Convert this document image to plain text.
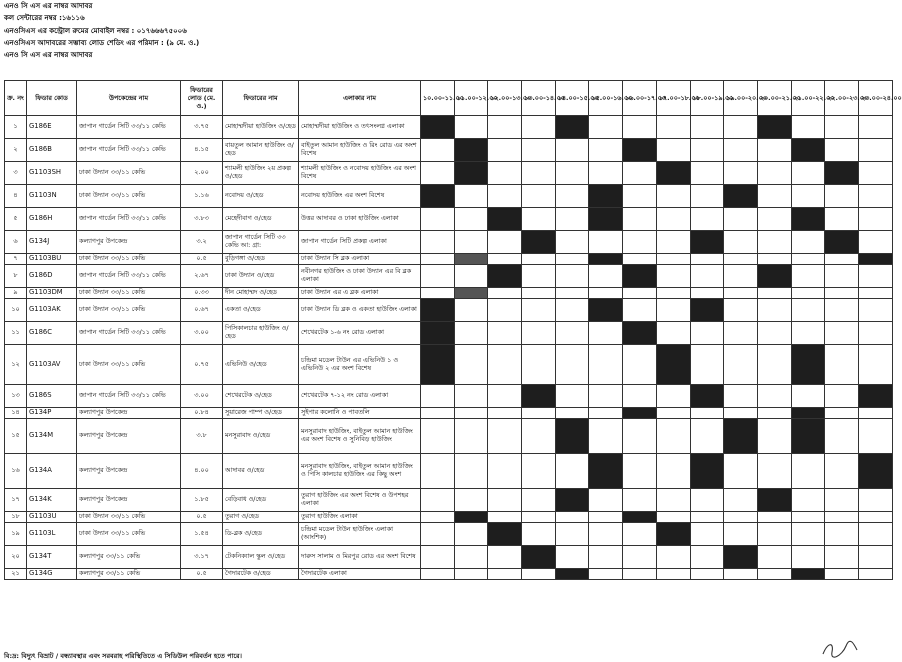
এনও সি এস এর নাম্বর আদাবর
কল সেন্টারের নম্বর :১৬১১৬
এনওসিএস এর কন্ট্রোল রুমের মোবাইল নম্বর : ০১৭৬৬৬৭৫০০৬
এনওসিএস আদাবরের সম্ভাব্য লোড শেডিং এর পরিমান : (৯ মে. ও.)
এনও সি এস এর নাম্বর আদাবর
ক্র. নং	ফিডার কোড	উপকেন্দ্রের নাম	ফিডারের লোড (মে. ও.)	ফিডারের নাম	এলাকার নাম	১০.০০-১১.০০	১১.০০-১২.০০	১২.০০-১৩.০০	১৩.০০-১৪.০০	১৪.০০-১৫.০০	১৫.০০-১৬.০০	১৬.০০-১৭.০০	১৭.০০-১৮.০০	১৮.০০-১৯.০০	১৯.০০-২০.০০	২০.০০-২১.০০	২১.০০-২২.০০	২২.০০-২৩.০০	২৩.০০-২৪.০০
১	G186E	জাপান গার্ডেন সিটি ৩৩/১১ কেভি	৩.৭৫	মোহাম্মদীয়া হাউজিং ও/হেড	মোহাম্মদীয়া হাউজিং ও তৎসংলগ্ন এলাকা														
২	G186B	জাপান গার্ডেন সিটি ৩৩/১১ কেভি	৪.১৫	বায়তুল আমান হাউজিং ও/হেড	বাইতুল আমান হাউজিং ও রিং রোড এর অংশ বিশেষ														
৩	G1103SH	ঢাকা উদ্যান ৩৩/১১ কেভি	২.০০	শ্যামলী হাউজিং ২য় প্রকল্প ও/হেড	শ্যামলী হাউজিং ও নবোদয় হাউজিং এর অংশ বিশেষ														
৪	G1103N	ঢাকা উদ্যান ৩৩/১১ কেভি	১.১৬	নবোদয় ও/হেড	নবোদয় হাউজিং এর অংশ বিশেষ														
৫	G186H	জাপান গার্ডেন সিটি ৩৩/১১ কেভি	৩.৮৩	মেহেদীবাগ ও/হেড	উত্তর আদাবর ও ঢাকা হাউজিং এলাকা														
৬	G134J	কল্যাণপুর উপকেন্দ্র	৩.২	জাপান গার্ডেন সিটি ৩৩ কেভি আ: গ্রা:	জাপান গার্ডেন সিটি প্রকল্প এলাকা														
৭	G1103BU	ঢাকা উদ্যান ৩৩/১১ কেভি	০.৫	বুড়িগঙ্গা ও/হেড	ঢাকা উদ্যান সি ব্লক এলাকা														
৮	G186D	জাপান গার্ডেন সিটি ৩৩/১১ কেভি	২.৬৭	ঢাকা উদ্যান ও/হেড	নবীনগর হাউজিং ও ঢাকা উদ্যান এর বি ব্লক এলাকা														
৯	G1103DM	ঢাকা উদ্যান ৩৩/১১ কেভি	০.৩৩	দীন মোহাম্মদ ও/হেড	ঢাকা উদ্যান এর এ ব্লক এলাকা														
১০	G1103AK	ঢাকা উদ্যান ৩৩/১১ কেভি	০.৬৭	একতা ও/হেড	ঢাকা উদ্যান ডি ব্লক ও একতা হাউজিং এলাকা														
১১	G186C	জাপান গার্ডেন সিটি ৩৩/১১ কেভি	৩.০০	পিসিকালচার হাউজিং ও/হেড	শেখেরটেক ১-৬ নং রোড এলাকা														
১২	G1103AV	ঢাকা উদ্যান ৩৩/১১ কেভি	০.৭৫	এভিনিউ ও/হেড	চন্দ্রিমা মডেল টাউন এর এভিনিউ ১ ও এভিনিউ ২ এর অংশ বিশেষ														
১৩	G186S	জাপান গার্ডেন সিটি ৩৩/১১ কেভি	৩.০০	শেখেরটেক ও/হেড	শেখেরটেক ৭-১২ নং রোড এলাকা														
১৪	G134P	কল্যাণপুর উপকেন্দ্র	০.৮৪	সুয়ারেজ পাম্প ও/হেড	সুইপার কলোনি ও পাবতলি														
১৫	G134M	কল্যাণপুর উপকেন্দ্র	৩.৮	মনসুরাবাদ ও/হেড	মনসুরাবাদ হাউজিং, বাইতুল আমান হাউজিং এর অংশ বিশেষ ও সুনিবিড় হাউজিং														
১৬	G134A	কল্যাণপুর উপকেন্দ্র	৪.০০	আদাবর ও/হেড	মনসুরাবাদ হাউজিং, বাইতুল আমান হাউজিং ও পিসি কালচার হাউজিং এর কিছু অংশ														
১৭	G134K	কল্যাণপুর উপকেন্দ্র	১.৮৫	বেড়িবাধ ও/হেড	তুরাগ হাউজিং এর অংশ বিশেষ ও উপশহর এলাকা														
১৮	G1103U	ঢাকা উদ্যান ৩৩/১১ কেভি	০.৫	তুরাগ ও/হেড	তুরাগ হাউজিং এলাকা														
১৯	G1103L	ঢাকা উদ্যান ৩৩/১১ কেভি	১.৫৪	ডি-ব্লক ও/হেড	চন্দ্রিমা মডেল টাউন হাউজিং এলাকা (আংশিক)														
২০	G134T	কল্যাণপুর ৩৩/১১ কেভি	৩.১৭	টেকনিক্যাল স্কুল ও/হেড	দারুস সালাম ও মিরপুর রোড এর অংশ বিশেষ														
২১	G134G	কল্যাণপুর ৩৩/১১ কেভি	০.৫	গৈদারটেক ও/হেড	গৈদারটেক এলাকা														
বি:দ্র: বিদ্যুৎ বিভ্রাট / বন্ধ্যাবস্থার এবং সরবরাহ পরিস্থিতিতে এ সিডিউল পরিবর্তন হতে পারে।
